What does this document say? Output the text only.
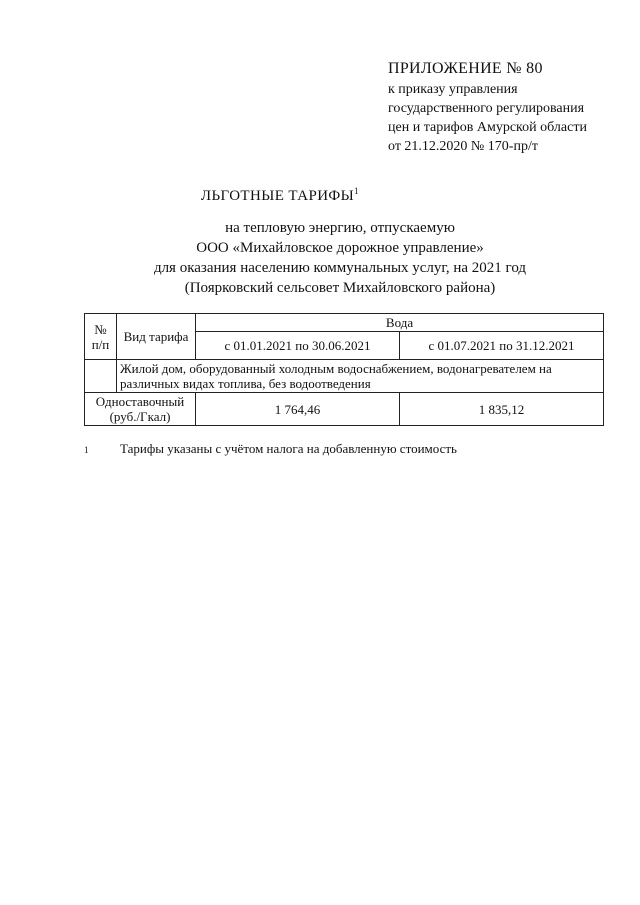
ПРИЛОЖЕНИЕ № 80
к приказу управления
государственного регулирования
цен и тарифов Амурской области
от 21.12.2020 № 170-пр/т
ЛЬГОТНЫЕ ТАРИФЫ$^1$
на тепловую энергию, отпускаемую
ООО «Михайловское дорожное управление»
для оказания населению коммунальных услуг, на 2021 год
(Поярковский сельсовет Михайловского района)
№ п/п	Вид тарифа	Вода	
		с 01.01.2021 по 30.06.2021	с 01.07.2021 по 31.12.2021
	Жилой дом, оборудованный холодным водоснабжением, водонагревателем на различных видах топлива, без водоотведения		
Одноставочный (руб./Гкал)		1 764,46	1 835,12
1 Тарифы указаны с учётом налога на добавленную стоимость
